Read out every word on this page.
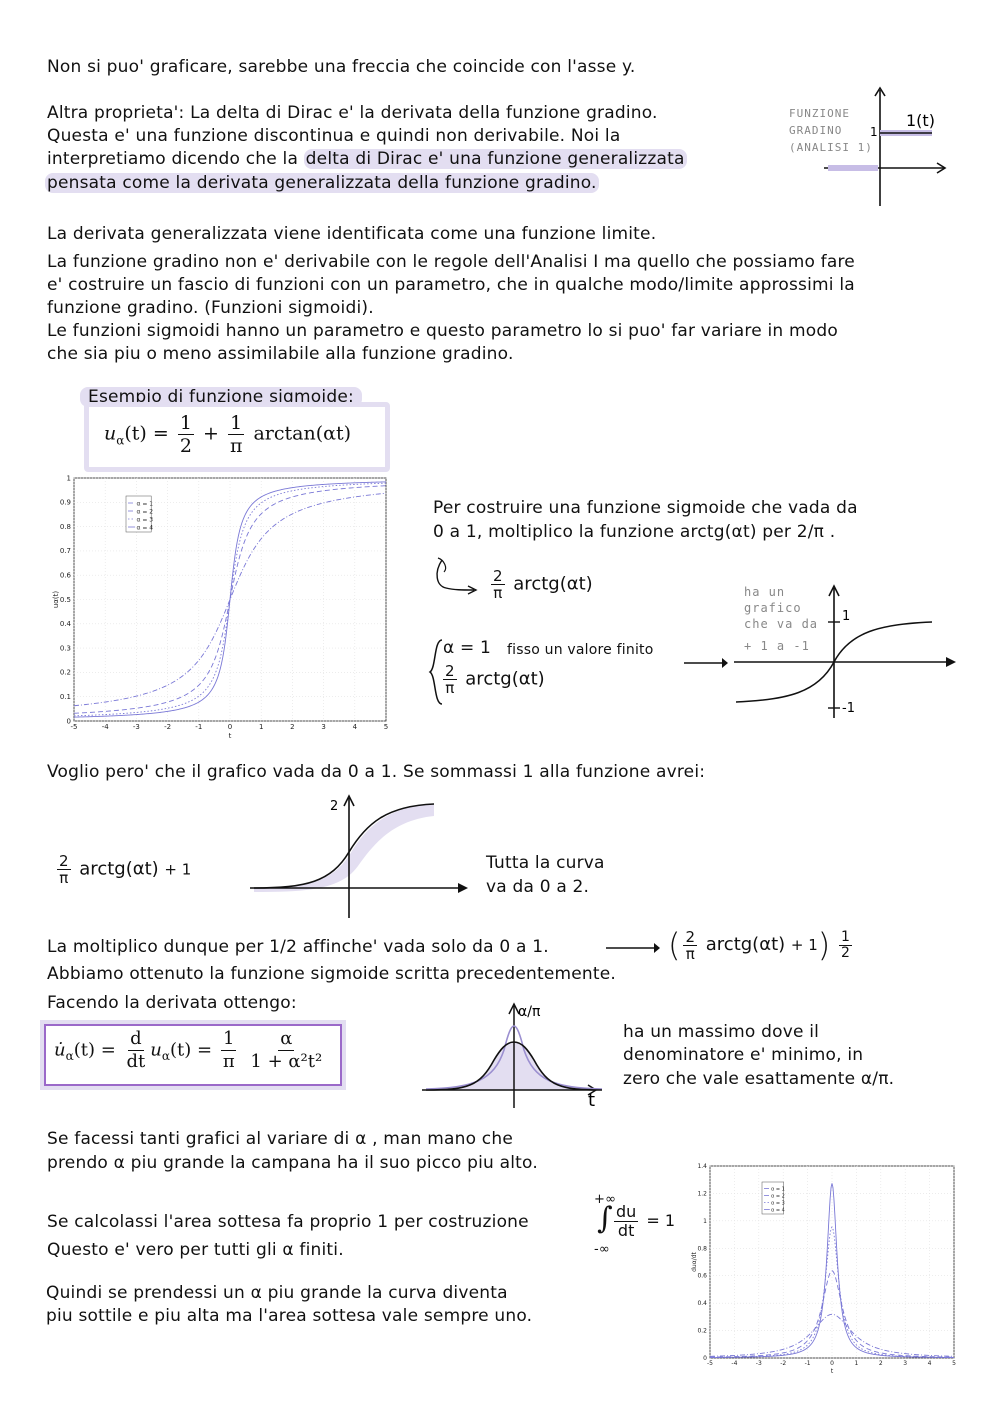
Non si puo' graficare, sarebbe una freccia che coincide con l'asse y.
Altra proprieta': La delta di Dirac e' la derivata della funzione gradino.
Questa e' una funzione discontinua e quindi non derivabile. Noi la
interpretiamo dicendo che la delta di Dirac e' una funzione generalizzata
pensata come la derivata generalizzata della funzione gradino.
FUNZIONE
GRADINO
(ANALISI 1)
1
1(t)
La derivata generalizzata viene identificata come una funzione limite.
La funzione gradino non e' derivabile con le regole dell'Analisi I ma quello che possiamo fare
e' costruire un fascio di funzioni con un parametro, che in qualche modo/limite approssimi la
funzione gradino. (Funzioni sigmoidi).
Le funzioni sigmoidi hanno un parametro e questo parametro lo si puo' far variare in modo
che sia piu o meno assimilabile alla funzione gradino.
Esempio di funzione sigmoide:
$u_\alpha(t) = \frac{1}{2} + \frac{1}{\pi} \arctan(\alpha t)$
-5	-4	-3	-2	-1	0	1	2	3	4	5
0
0.1
0.2
0.3
0.4
0.5
0.6
0.7
0.8
0.9
1
α = 1
α = 2
α = 3
α = 4
t
uα(t)
Per costruire una funzione sigmoide che vada da
0 a 1, moltiplico la funzione arctg(αt) per 2/π .
$\frac{2}{\pi}$ arctg(αt)
α = 1 fisso un valore finito
$\frac{2}{\pi}$ arctg(αt)
ha un
grafico
che va da
+ 1 a -1
1
-1
Voglio pero' che il grafico vada da 0 a 1. Se sommassi 1 alla funzione avrei:
$\frac{2}{\pi}$ arctg(αt) + 1
2
Tutta la curva
va da 0 a 2.
La moltiplico dunque per 1/2 affinche' vada solo da 0 a 1.
Abbiamo ottenuto la funzione sigmoide scritta precedentemente.
Facendo la derivata ottengo:
( $\frac{2}{\pi}$ arctg(αt) + $1) \frac{1}{2}$
$u̇_\alpha(t) = \frac{d}{dt} u_\alpha(t) = \frac{1}{\pi}$
$\frac{\alpha}{\text{1 + α²t²}}$
α/π
t
ha un massimo dove il
denominatore e' minimo, in
zero che vale esattamente α/π.
Se facessi tanti grafici al variare di α , man mano che
prendo α piu grande la campana ha il suo picco piu alto.
Se calcolassi l'area sottesa fa proprio 1 per costruzione
Questo e' vero per tutti gli α finiti.
+∞
∫
-∞
$\frac{du}{dt} = 1$
Quindi se prendessi un α piu grande la curva diventa
piu sottile e piu alta ma l'area sottesa vale sempre uno.
-5	-4	-3	-2	-1	0	1	2	3	4	5
0
0.2
0.4
0.6
0.8
1
1.2
1.4
α = 1
α = 2
α = 3
α = 4
t
duα/dt
